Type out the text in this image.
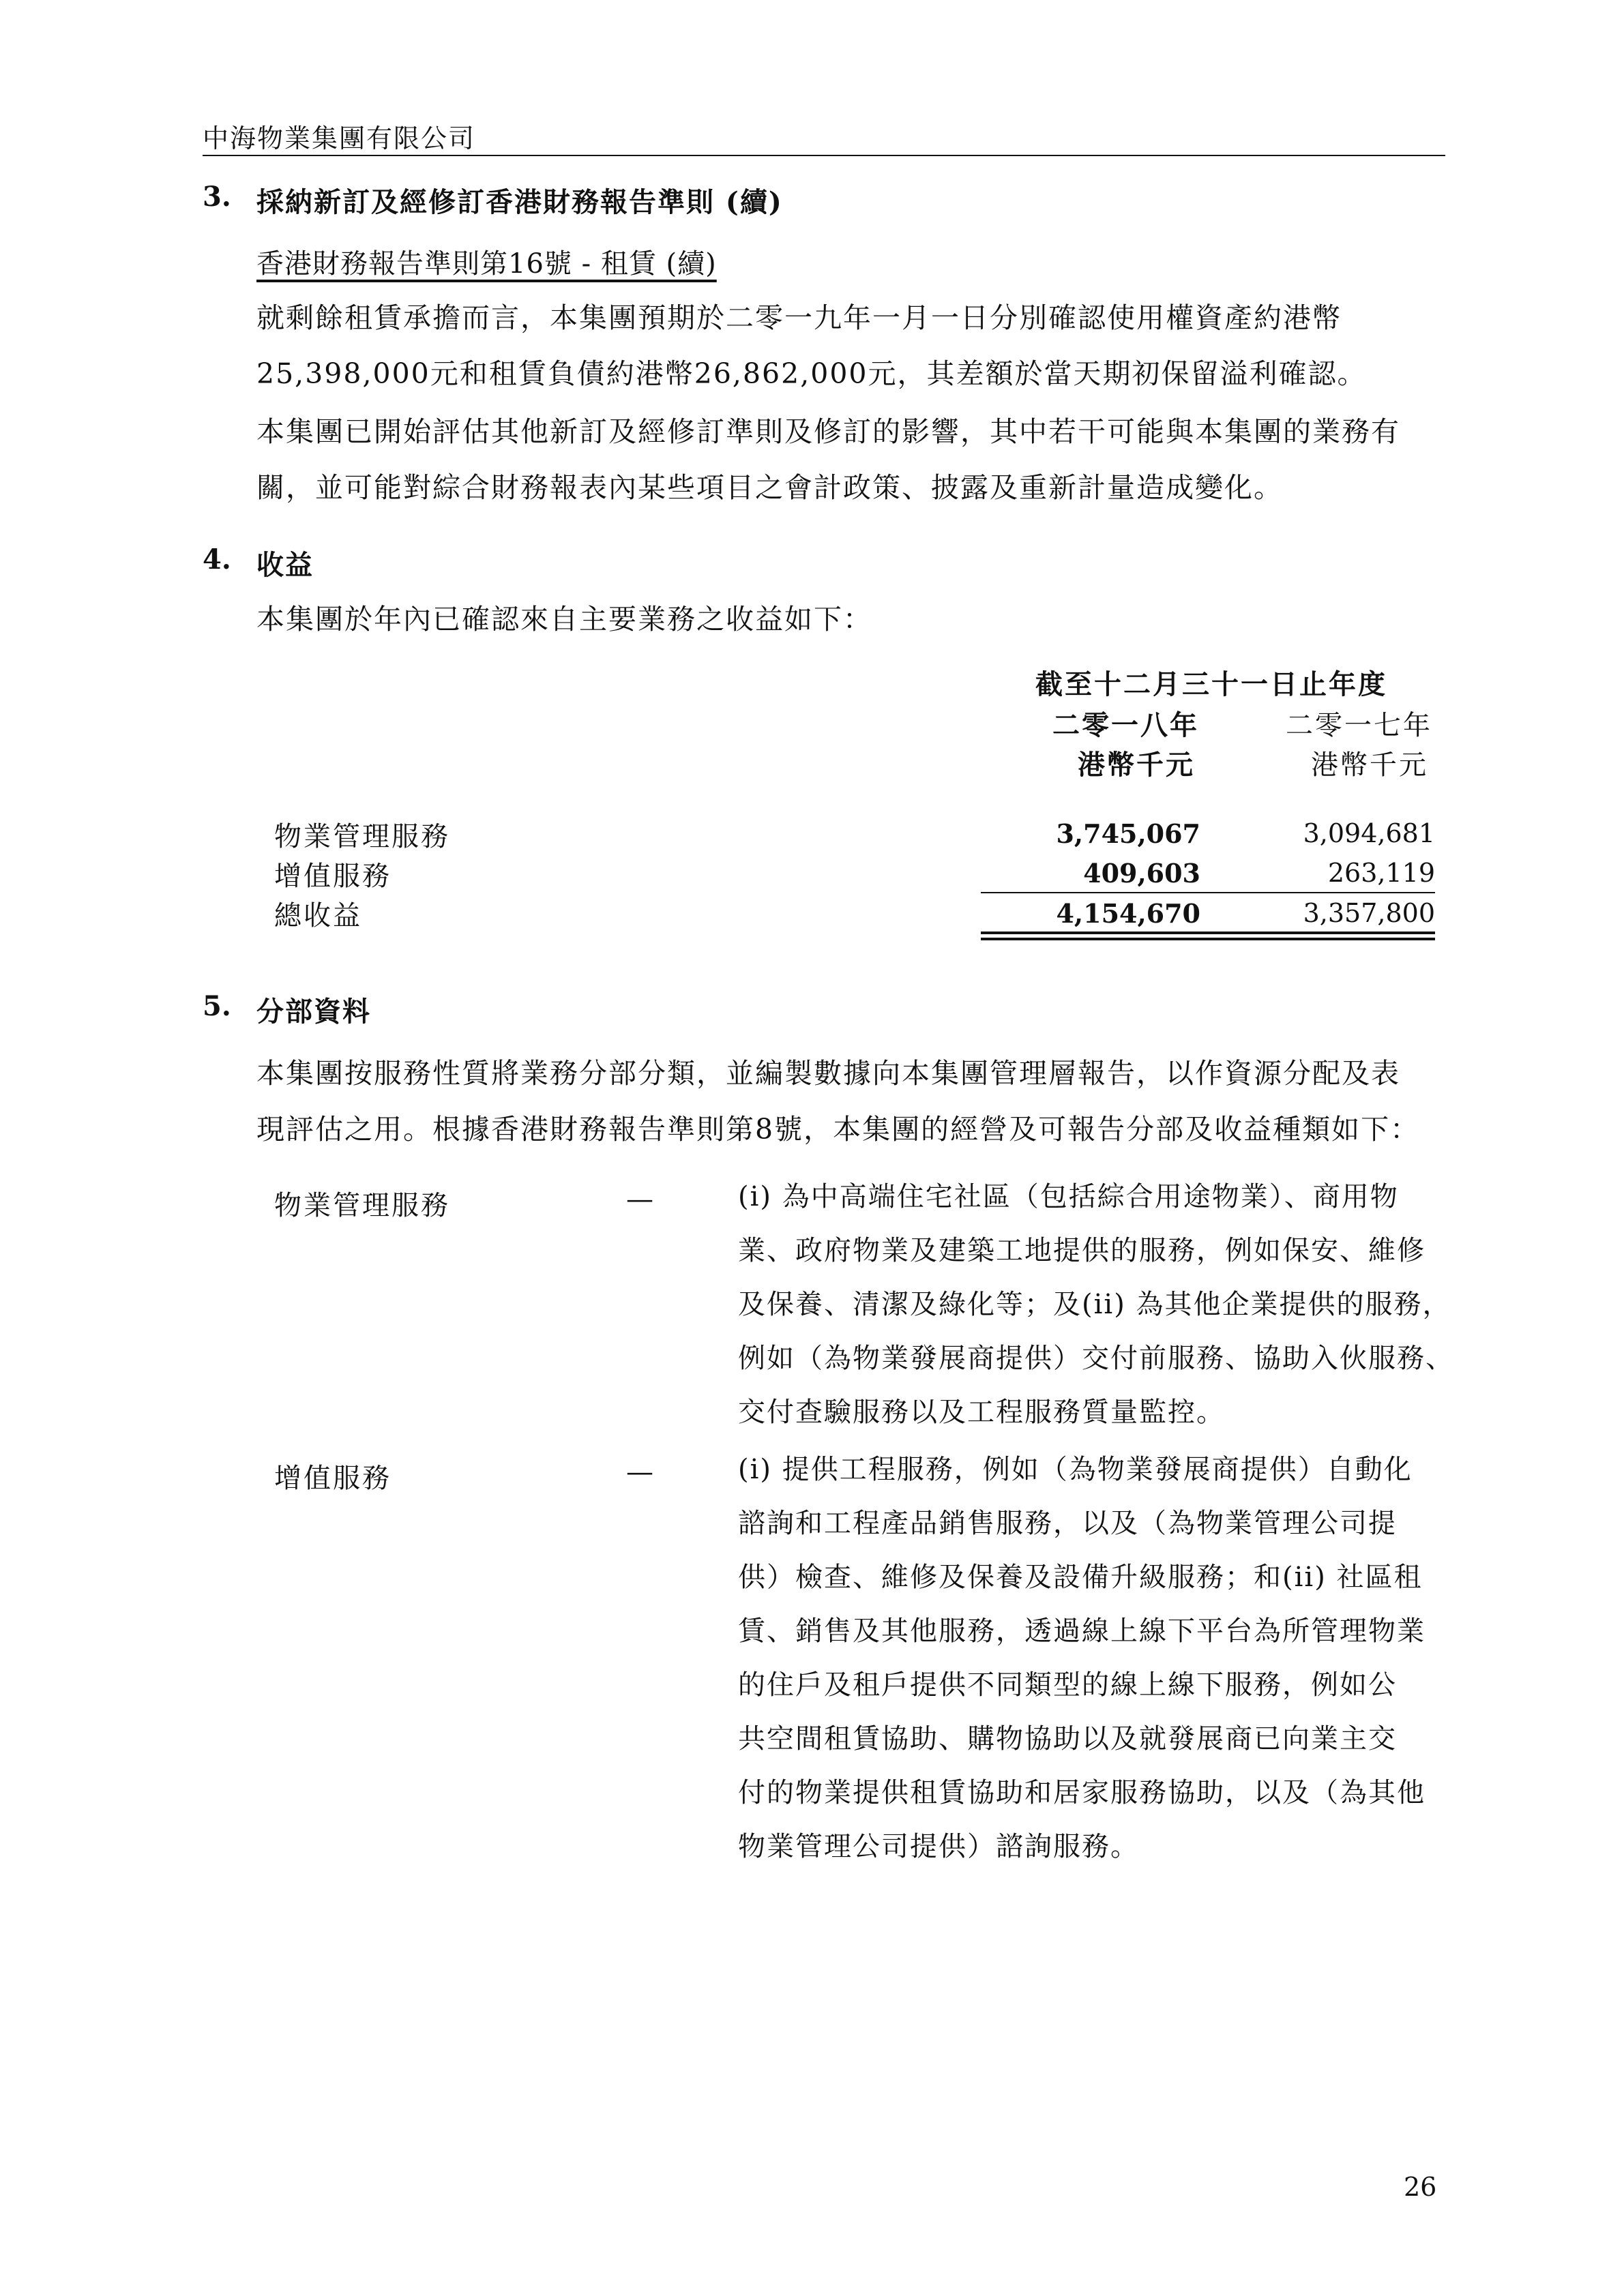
中海物業集團有限公司
3. 採納新訂及經修訂香港財務報告準則 (續)
香港財務報告準則第16號 - 租賃 (續)
就剩餘租賃承擔而言，本集團預期於二零一九年一月一日分別確認使用權資產約港幣
25,398,000元和租賃負債約港幣26,862,000元，其差額於當天期初保留溢利確認。
本集團已開始評估其他新訂及經修訂準則及修訂的影響，其中若干可能與本集團的業務有
關，並可能對綜合財務報表內某些項目之會計政策、披露及重新計量造成變化。
4. 收益
本集團於年內已確認來自主要業務之收益如下：
截至十二月三十一日止年度
二零一八年	二零一七年
港幣千元	港幣千元
物業管理服務	3,745,067	3,094,681
增值服務	409,603	263,119
總收益	4,154,670	3,357,800
5. 分部資料
本集團按服務性質將業務分部分類，並編製數據向本集團管理層報告，以作資源分配及表
現評估之用。根據香港財務報告準則第8號，本集團的經營及可報告分部及收益種類如下：
物業管理服務	—	(i) 為中高端住宅社區（包括綜合用途物業）、商用物
業、政府物業及建築工地提供的服務，例如保安、維修
及保養、清潔及綠化等；及(ii) 為其他企業提供的服務，
例如（為物業發展商提供）交付前服務、協助入伙服務、
交付查驗服務以及工程服務質量監控。
增值服務	—	(i) 提供工程服務，例如（為物業發展商提供）自動化
諮詢和工程產品銷售服務，以及（為物業管理公司提
供）檢查、維修及保養及設備升級服務；和(ii) 社區租
賃、銷售及其他服務，透過線上線下平台為所管理物業
的住戶及租戶提供不同類型的線上線下服務，例如公
共空間租賃協助、購物協助以及就發展商已向業主交
付的物業提供租賃協助和居家服務協助，以及（為其他
物業管理公司提供）諮詢服務。
26
